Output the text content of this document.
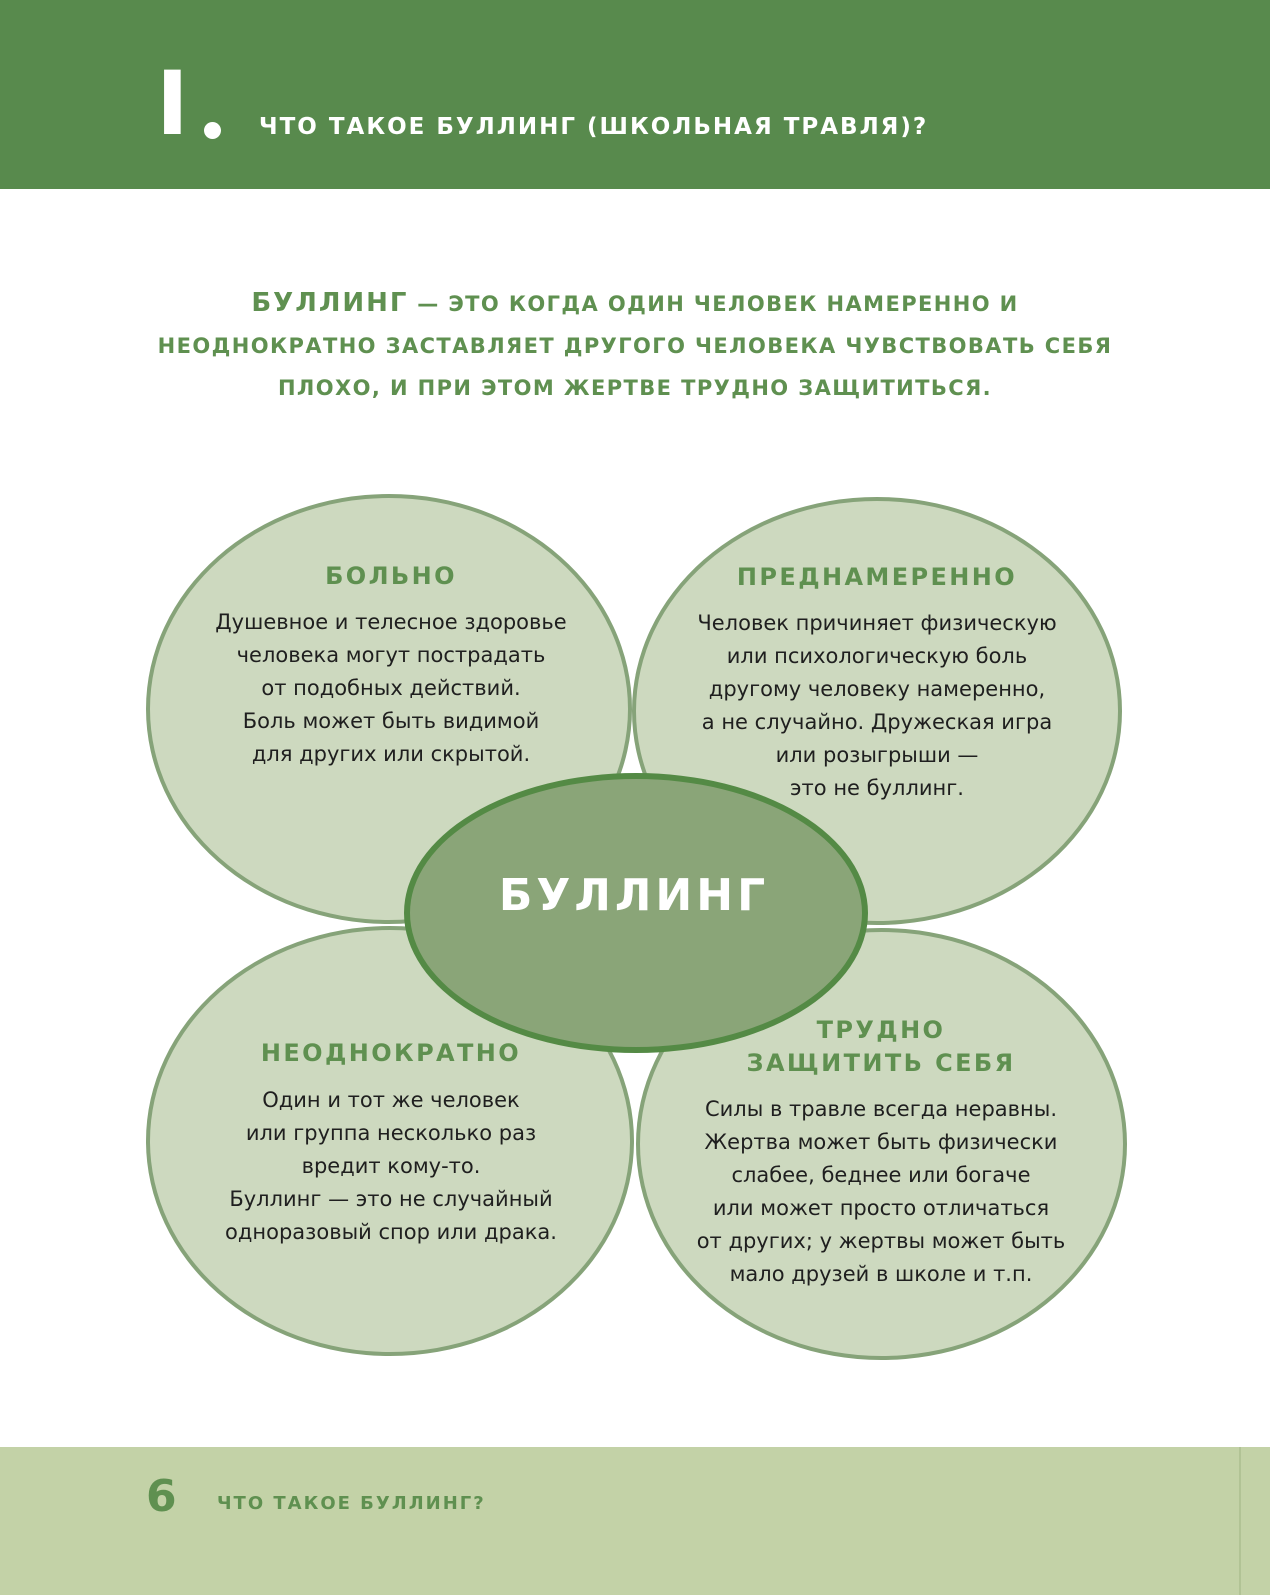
I	ЧТО ТАКОЕ БУЛЛИНГ (ШКОЛЬНАЯ ТРАВЛЯ)?
БУЛЛИНГ — ЭТО КОГДА ОДИН ЧЕЛОВЕК НАМЕРЕННО И НЕОДНОКРАТНО ЗАСТАВЛЯЕТ ДРУГОГО ЧЕЛОВЕКА ЧУВСТВОВАТЬ СЕБЯ ПЛОХО, И ПРИ ЭТОМ ЖЕРТВЕ ТРУДНО ЗАЩИТИТЬСЯ.
БУЛЛИНГ
БОЛЬНО
Душевное и телесное здоровье
человека могут пострадать
от подобных действий.
Боль может быть видимой
для других или скрытой.
ПРЕДНАМЕРЕННО
Человек причиняет физическую
или психологическую боль
другому человеку намеренно,
а не случайно. Дружеская игра
или розыгрыши —
это не буллинг.
НЕОДНОКРАТНО
Один и тот же человек
или группа несколько раз
вредит кому-то.
Буллинг — это не случайный
одноразовый спор или драка.
ТРУДНО
ЗАЩИТИТЬ СЕБЯ
Силы в травле всегда неравны.
Жертва может быть физически
слабее, беднее или богаче
или может просто отличаться
от других; у жертвы может быть
мало друзей в школе и т.п.
6 ЧТО ТАКОЕ БУЛЛИНГ?
